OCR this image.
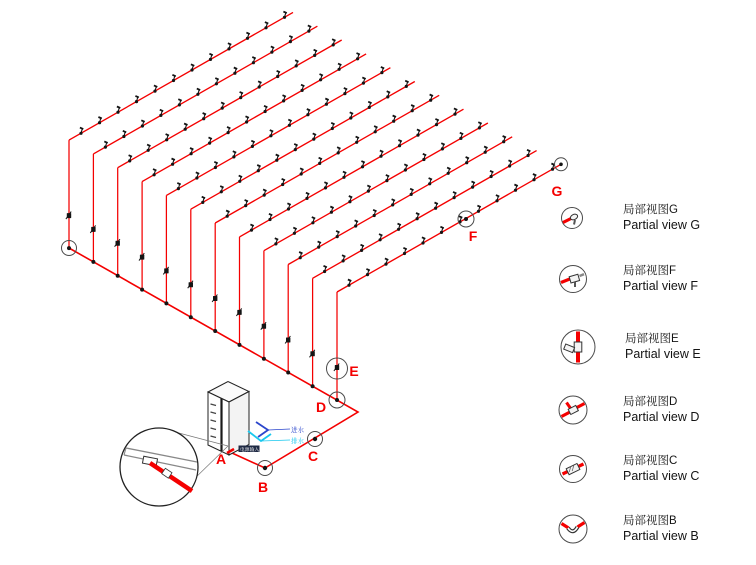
电源输入
进水
排水
A
B
C
D
E
F
G
局部视图G
Partial view G
局部视图F
Partial view F
局部视图E
Partial view E
局部视图D
Partial view D
局部视图C
Partial view C
局部视图B
Partial view B
